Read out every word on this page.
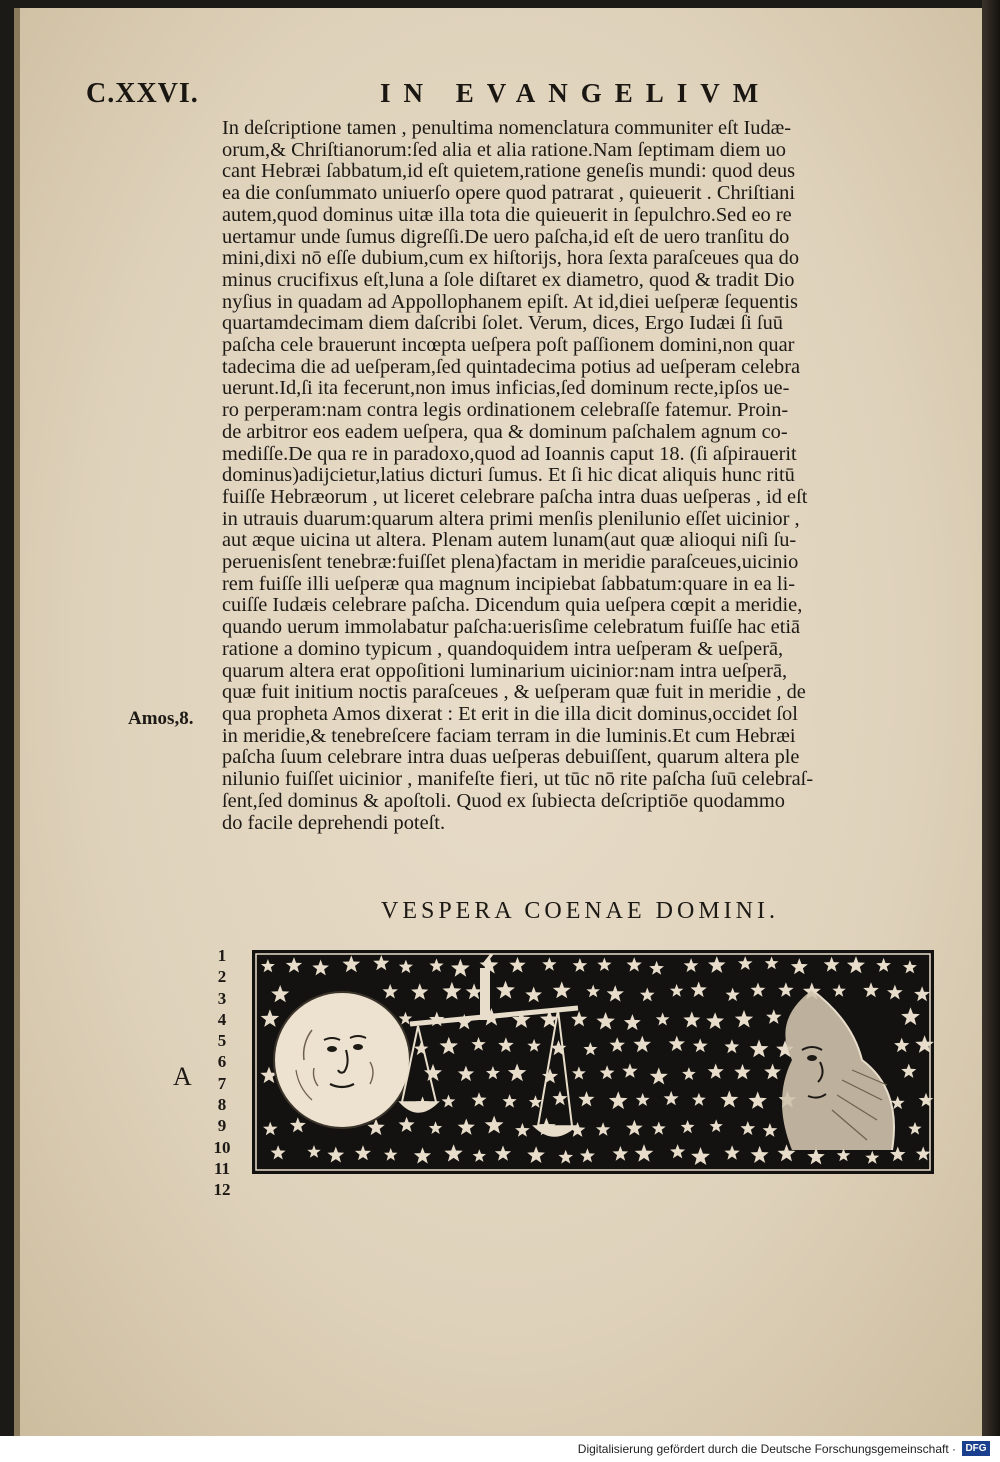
C.XXVI.	IN EVANGELIVM
In deſcriptione tamen , penultima nomenclatura communiter eſt Iudæ-
orum,& Chriſtianorum:ſed alia et alia ratione.Nam ſeptimam diem uo
cant Hebræi ſabbatum,id eſt quietem,ratione geneſis mundi: quod deus
ea die conſummato uniuerſo opere quod patrarat , quieuerit . Chriſtiani
autem,quod dominus uitæ illa tota die quieuerit in ſepulchro.Sed eo re
uertamur unde ſumus digreſſi.De uero paſcha,id eſt de uero tranſitu do
mini,dixi nō eſſe dubium,cum ex hiſtorijs, hora ſexta paraſceues qua do
minus crucifixus eſt,luna a ſole diſtaret ex diametro, quod & tradit Dio
nyſius in quadam ad Appollophanem epiſt. At id,diei ueſperæ ſequentis
quartamdecimam diem daſcribi ſolet. Verum, dices, Ergo Iudæi ſi ſuū
paſcha cele brauerunt incœpta ueſpera poſt paſſionem domini,non quar
tadecima die ad ueſperam,ſed quintadecima potius ad ueſperam celebra
uerunt.Id,ſi ita fecerunt,non imus inficias,ſed dominum recte,ipſos ue-
ro perperam:nam contra legis ordinationem celebraſſe fatemur. Proin-
de arbitror eos eadem ueſpera, qua & dominum paſchalem agnum co-
mediſſe.De qua re in paradoxo,quod ad Ioannis caput 18. (ſi aſpirauerit
dominus)adijcietur,latius dicturi ſumus. Et ſi hic dicat aliquis hunc ritū
fuiſſe Hebræorum , ut liceret celebrare paſcha intra duas ueſperas , id eſt
in utrauis duarum:quarum altera primi menſis plenilunio eſſet uicinior ,
aut æque uicina ut altera. Plenam autem lunam(aut quæ alioqui niſi ſu-
peruenisſent tenebræ:fuiſſet plena)factam in meridie paraſceues,uicinio
rem fuiſſe illi ueſperæ qua magnum incipiebat ſabbatum:quare in ea li-
cuiſſe Iudæis celebrare paſcha. Dicendum quia ueſpera cœpit a meridie,
quando uerum immolabatur paſcha:uerisſime celebratum fuiſſe hac etiā
ratione a domino typicum , quandoquidem intra ueſperam & ueſperā,
quarum altera erat oppoſitioni luminarium uicinior:nam intra ueſperā,
quæ fuit initium noctis paraſceues , & ueſperam quæ fuit in meridie , de
qua propheta Amos dixerat : Et erit in die illa dicit dominus,occidet ſol
in meridie,& tenebreſcere faciam terram in die luminis.Et cum Hebræi
paſcha ſuum celebrare intra duas ueſperas debuiſſent, quarum altera ple
nilunio fuiſſet uicinior , manifeſte fieri, ut tūc nō rite paſcha ſuū celebraſ-
ſent,ſed dominus & apoſtoli. Quod ex ſubiecta deſcriptiōe quodammo
do facile deprehendi poteſt.
Amos,8.
VESPERA COENAE DOMINI.
1
2
3
4
5
6
7
8
9
10
11
12
A
Digitalisierung gefördert durch die Deutsche Forschungsgemeinschaft · DFG
